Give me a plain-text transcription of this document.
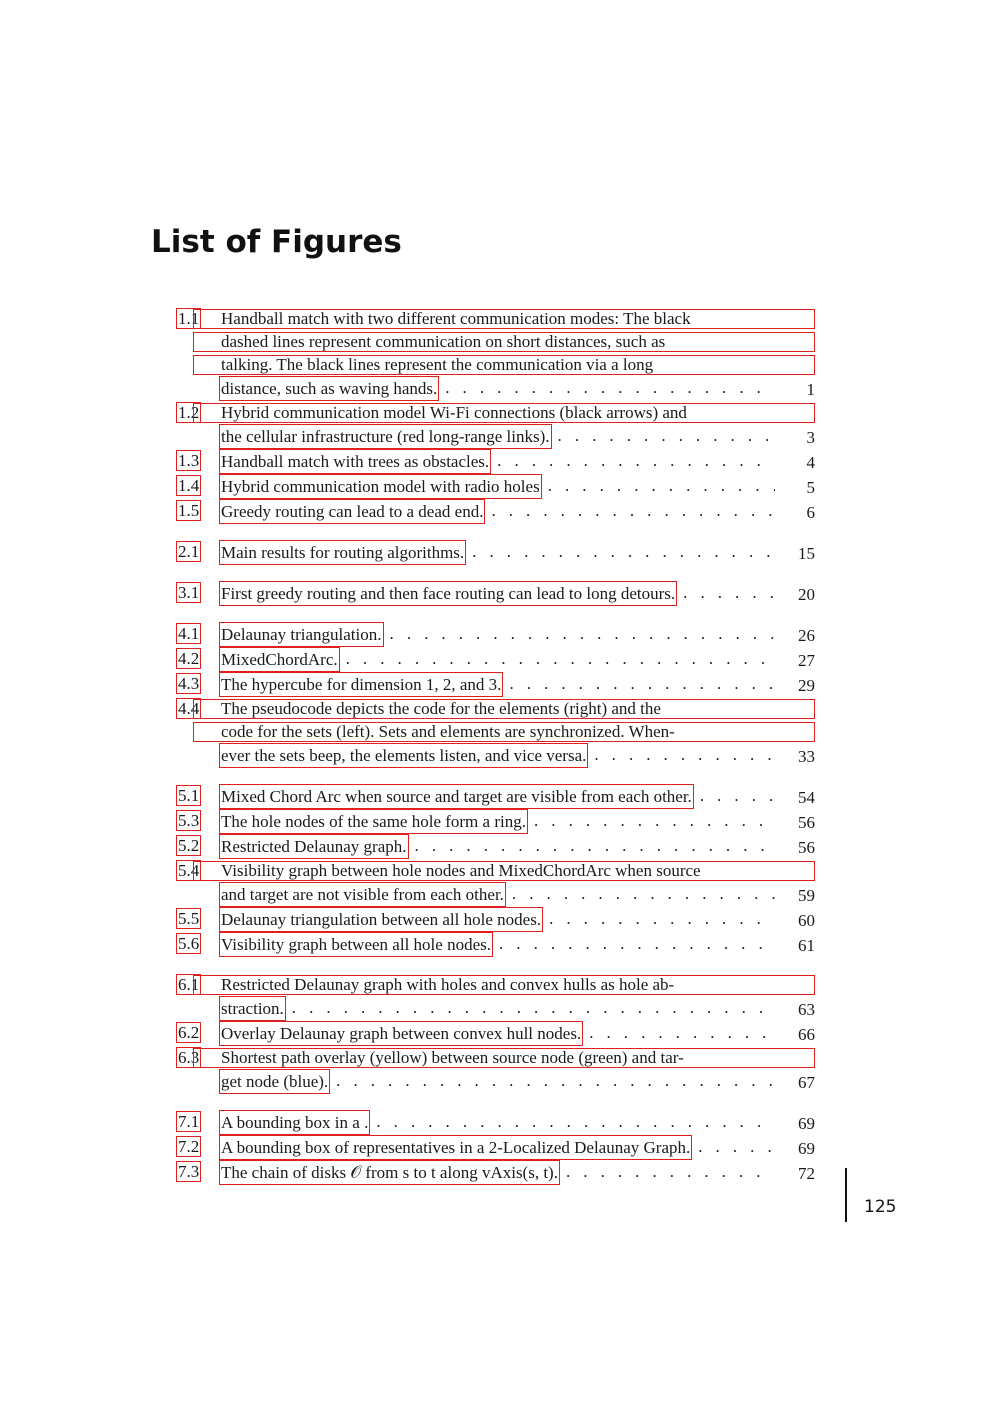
List of Figures
1.1	Handball match with two different communication modes: The black
dashed lines represent communication on short distances, such as
talking. The black lines represent the communication via a long
distance, such as waving hands. . . .	1
1.2	Hybrid communication model Wi-Fi connections (black arrows) and
the cellular infrastructure (red long-range links). . . .	3
1.3	Handball match with trees as obstacles. . . .	4
1.4	Hybrid communication model with radio holes . . .	5
1.5	Greedy routing can lead to a dead end. . . .	6
2.1	Main results for routing algorithms. . . .	15
3.1	First greedy routing and then face routing can lead to long detours. . . .	20
4.1	Delaunay triangulation. . . .	26
4.2	MixedChordArc. . . .	27
4.3	The hypercube for dimension 1, 2, and 3. . . .	29
4.4	The pseudocode depicts the code for the elements (right) and the
code for the sets (left). Sets and elements are synchronized. When-
ever the sets beep, the elements listen, and vice versa. . . .	33
5.1	Mixed Chord Arc when source and target are visible from each other. . . .	54
5.3	The hole nodes of the same hole form a ring. . . .	56
5.2	Restricted Delaunay graph. . . .	56
5.4	Visibility graph between hole nodes and MixedChordArc when source
and target are not visible from each other. . . .	59
5.5	Delaunay triangulation between all hole nodes. . . .	60
5.6	Visibility graph between all hole nodes. . . .	61
6.1	Restricted Delaunay graph with holes and convex hulls as hole ab-
straction. . . .	63
6.2	Overlay Delaunay graph between convex hull nodes. . . .	66
6.3	Shortest path overlay (yellow) between source node (green) and tar-
get node (blue). . . .	67
7.1	A bounding box in a . . . .	69
7.2	A bounding box of representatives in a 2-Localized Delaunay Graph. . . .	69
7.3	The chain of disks 𝒪 from s to t along vAxis(s, t). . . .	72
125
